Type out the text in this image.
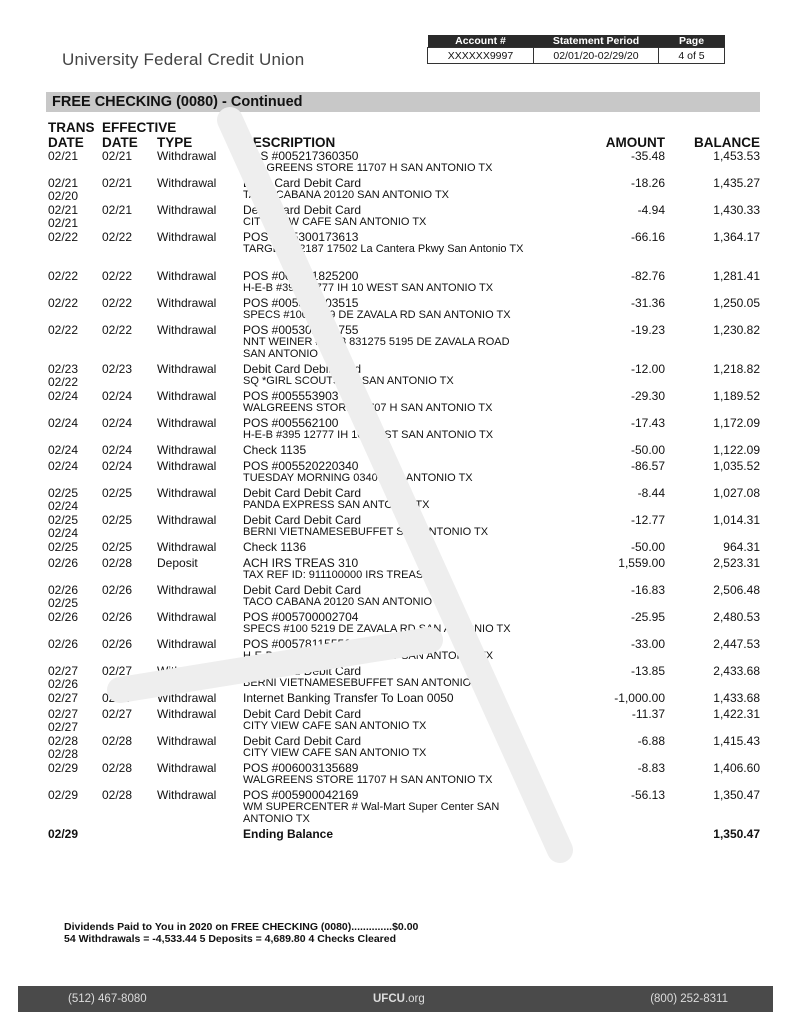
University Federal Credit Union
Account #	Statement Period	Page
XXXXXX9997	02/01/20-02/29/20	4 of 5
FREE CHECKING (0080) - Continued
TRANS EFFECTIVE
DATE DATE TYPE	DESCRIPTION	AMOUNT BALANCE
02/21 02/21 Withdrawal POS #005217360350	-35.48	1,453.53
WALGREENS STORE 11707 H SAN ANTONIO TX
02/21 02/21 Withdrawal Debit Card Debit Card	-18.26	1,435.27
02/20	TACO CABANA 20120 SAN ANTONIO TX
02/21 02/21 Withdrawal Debit Card Debit Card	-4.94	1,430.33
02/21	CITY VIEW CAFE SAN ANTONIO TX
02/22 02/22 Withdrawal POS #005300173613	-66.16	1,364.17
TARGET T-2187 17502 La Cantera Pkwy San Antonio TX
02/22 02/22 Withdrawal POS #005351825200	-82.76	1,281.41
H-E-B #395 12777 IH 10 WEST SAN ANTONIO TX
02/22 02/22 Withdrawal POS #005300003515	-31.36	1,250.05
SPECS #100 5219 DE ZAVALA RD SAN ANTONIO TX
02/22 02/22 Withdrawal POS #005302056755	-19.23	1,230.82
NNT WEINER #5403 831275 5195 DE ZAVALA ROAD SAN ANTONIO TX
02/23 02/23 Withdrawal Debit Card Debit Card	-12.00	1,218.82
02/22	SQ *GIRL SCOUTS OF SAN ANTONIO TX
02/24 02/24 Withdrawal POS #005553903	-29.30	1,189.52
WALGREENS STORE 11707 H SAN ANTONIO TX
02/24 02/24 Withdrawal POS #005562100	-17.43	1,172.09
H-E-B #395 12777 IH 10 WEST SAN ANTONIO TX
02/24 02/24 Withdrawal Check 1135	-50.00	1,122.09
02/24 02/24 Withdrawal POS #005520220340	-86.57	1,035.52
TUESDAY MORNING 0340 SAN ANTONIO TX
02/25 02/25 Withdrawal Debit Card Debit Card	-8.44	1,027.08
02/24	PANDA EXPRESS SAN ANTONIO TX
02/25 02/25 Withdrawal Debit Card Debit Card	-12.77	1,014.31
02/24	BERNI VIETNAMESEBUFFET SAN ANTONIO TX
02/25 02/25 Withdrawal Check 1136	-50.00	964.31
02/26 02/28 Deposit	ACH IRS TREAS 310	1,559.00	2,523.31
TAX REF ID: 911100000 IRS TREAS 310
02/26 02/26 Withdrawal Debit Card Debit Card	-16.83	2,506.48
02/25	TACO CABANA 20120 SAN ANTONIO TX
02/26 02/26 Withdrawal POS #005700002704	-25.95	2,480.53
SPECS #100 5219 DE ZAVALA RD SAN ANTONIO TX
02/26 02/26 Withdrawal POS #005781155500	-33.00	2,447.53
H-E-B #395 12777 IH 10 WEST SAN ANTONIO TX
02/27 02/27 Withdrawal Debit Card Debit Card	-13.85	2,433.68
02/26	BERNI VIETNAMESEBUFFET SAN ANTONIO TX
02/27 02/27 Withdrawal Internet Banking Transfer To Loan 0050	-1,000.00	1,433.68
02/27 02/27 Withdrawal Debit Card Debit Card	-11.37	1,422.31
02/27	CITY VIEW CAFE SAN ANTONIO TX
02/28 02/28 Withdrawal Debit Card Debit Card	-6.88	1,415.43
02/28	CITY VIEW CAFE SAN ANTONIO TX
02/29 02/28 Withdrawal POS #006003135689	-8.83	1,406.60
WALGREENS STORE 11707 H SAN ANTONIO TX
02/29 02/28 Withdrawal POS #005900042169	-56.13	1,350.47
WM SUPERCENTER # Wal-Mart Super Center SAN ANTONIO TX
02/29	Ending Balance	1,350.47
Dividends Paid to You in 2020 on FREE CHECKING (0080)..............$0.00
54 Withdrawals = -4,533.44 5 Deposits = 4,689.80 4 Checks Cleared
(512) 467-8080	UFCU.org	(800) 252-8311
